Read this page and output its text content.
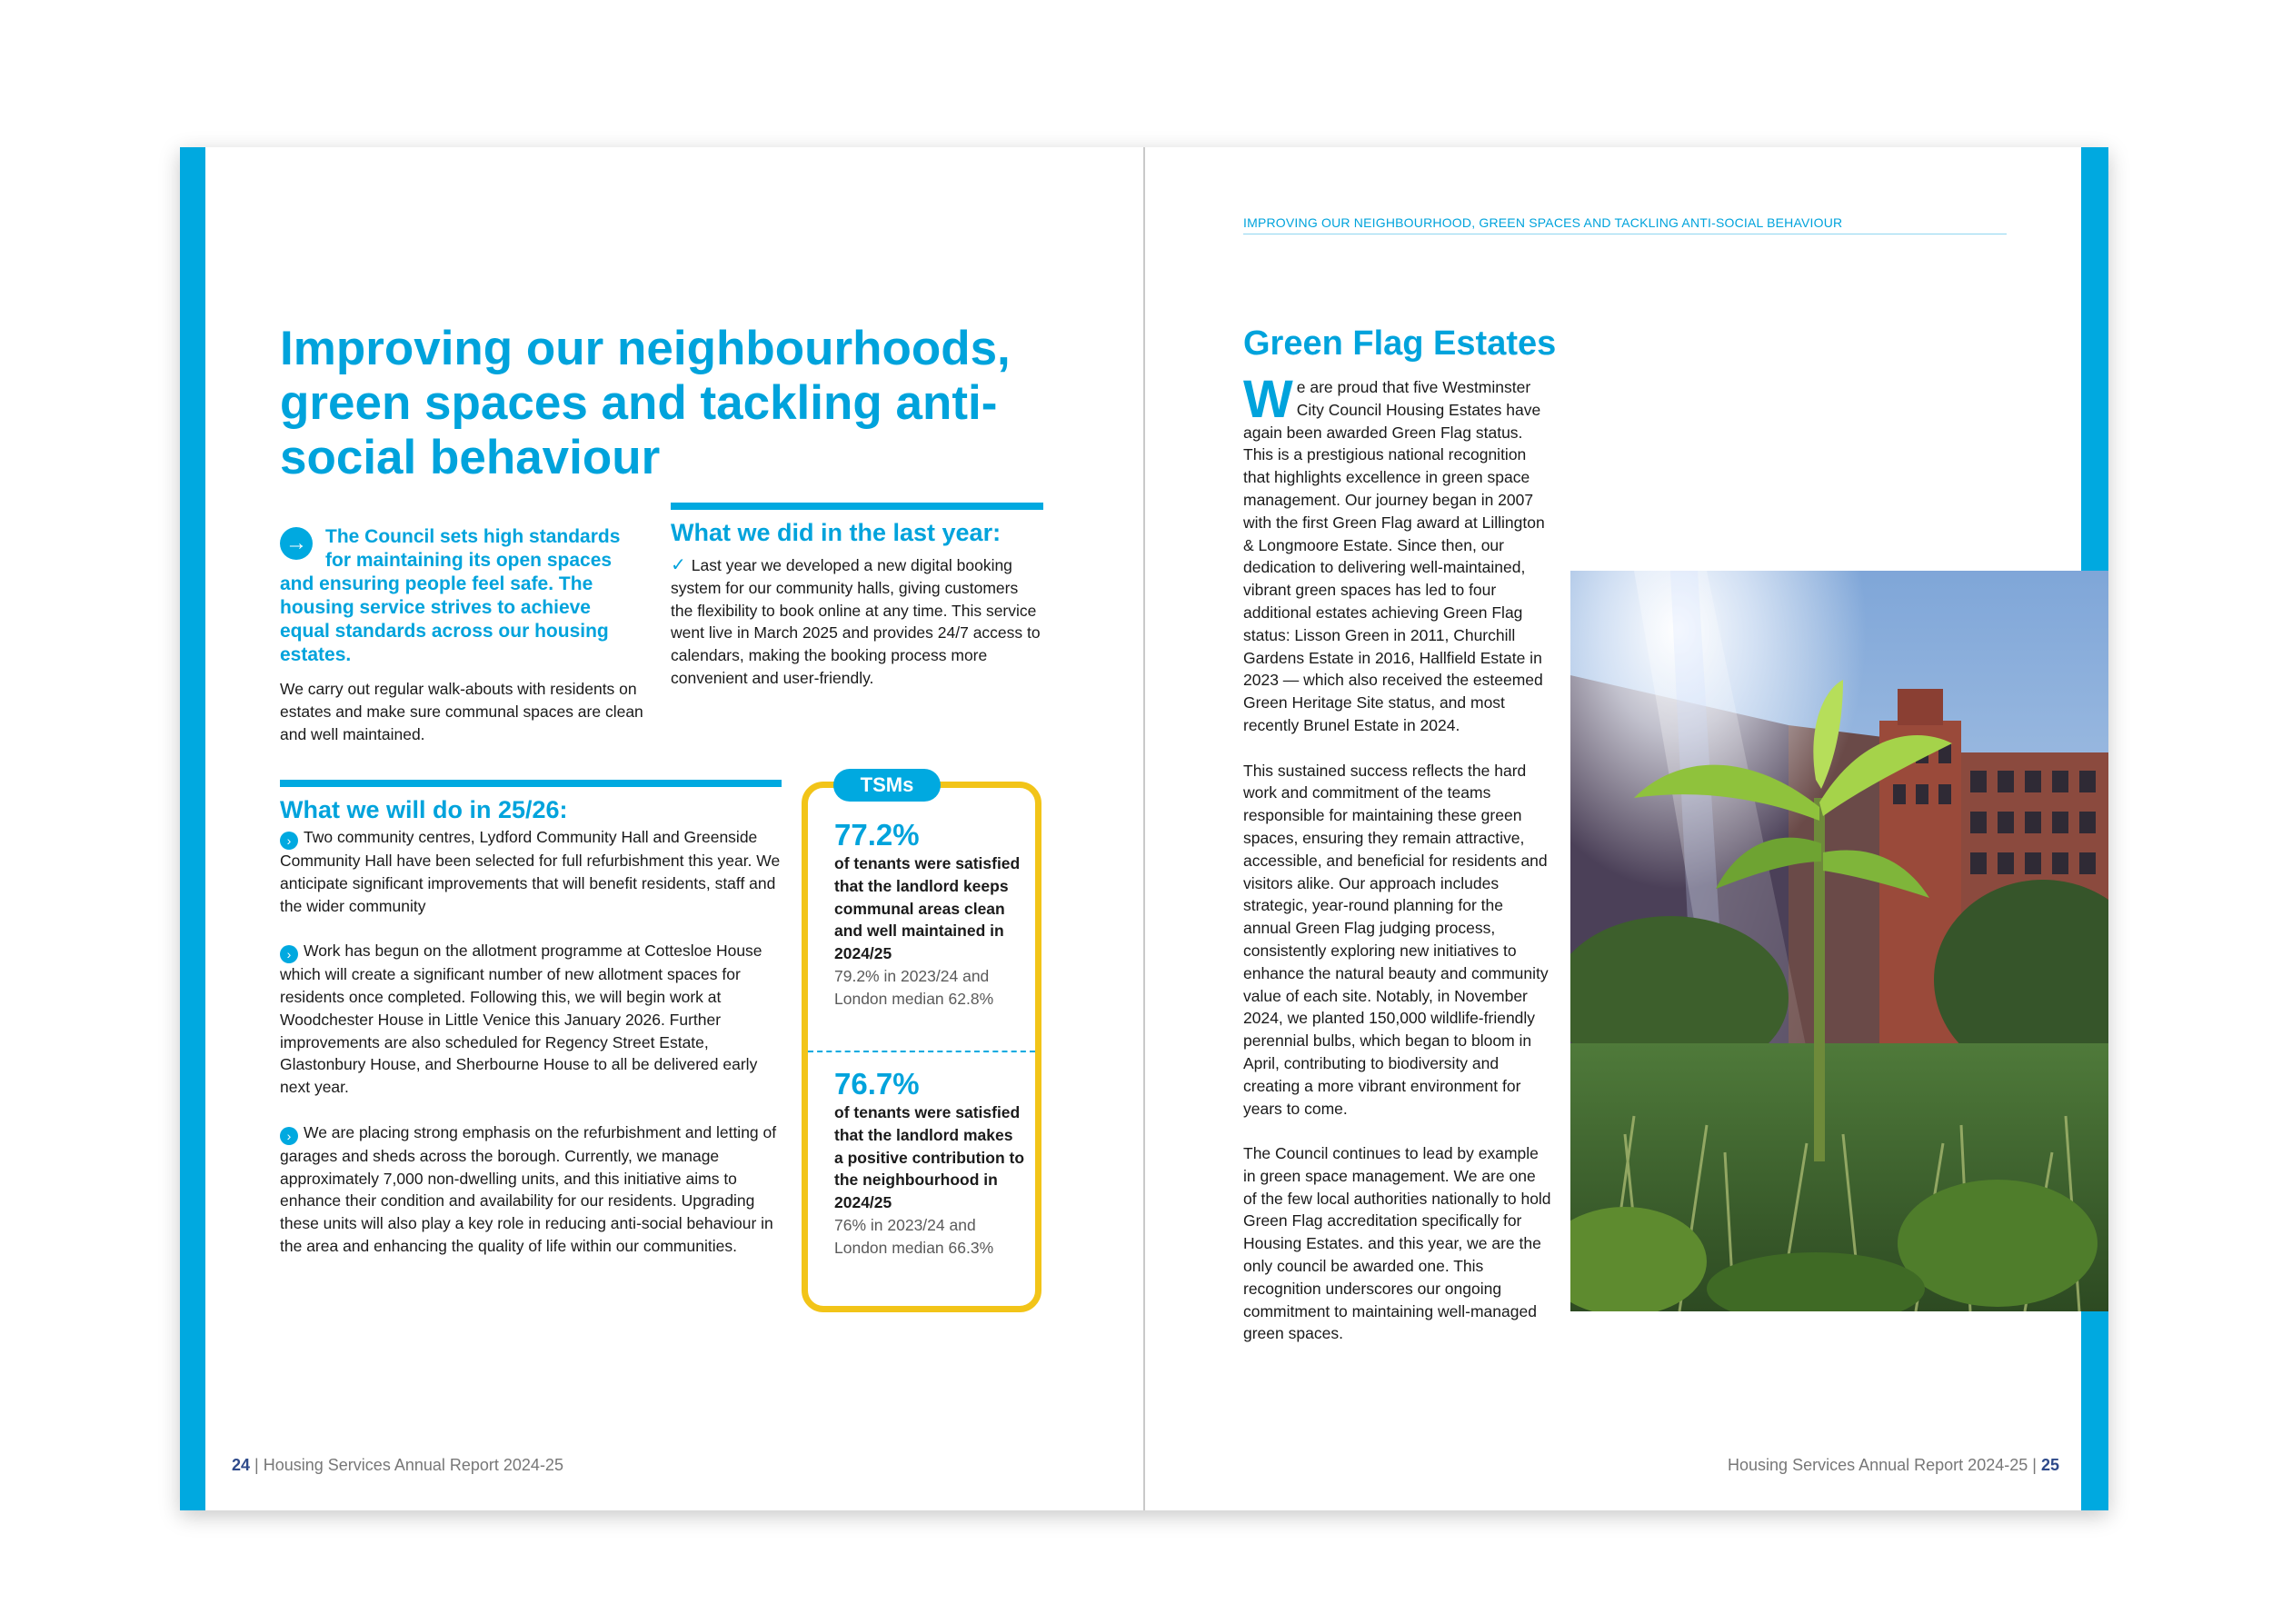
Improving our neighbourhoods, green spaces and tackling anti-social behaviour
→ The Council sets high standards for maintaining its open spaces and ensuring people feel safe. The housing service strives to achieve equal standards across our housing estates.
We carry out regular walk-abouts with residents on estates and make sure communal spaces are clean and well maintained.
What we did in the last year:
✓ Last year we developed a new digital booking system for our community halls, giving customers the flexibility to book online at any time. This service went live in March 2025 and provides 24/7 access to calendars, making the booking process more convenient and user-friendly.
What we will do in 25/26:

› Two community centres, Lydford Community Hall and Greenside Community Hall have been selected for full refurbishment this year. We anticipate significant improvements that will benefit residents, staff and the wider community

› Work has begun on the allotment programme at Cottesloe House which will create a significant number of new allotment spaces for residents once completed. Following this, we will begin work at Woodchester House in Little Venice this January 2026. Further improvements are also scheduled for Regency Street Estate, Glastonbury House, and Sherbourne House to all be delivered early next year.

› We are placing strong emphasis on the refurbishment and letting of garages and sheds across the borough. Currently, we manage approximately 7,000 non-dwelling units, and this initiative aims to enhance their condition and availability for our residents. Upgrading these units will also play a key role in reducing anti-social behaviour in the area and enhancing the quality of life within our communities.

TSMs
77.2%
of tenants were satisfied that the landlord keeps communal areas clean and well maintained in 2024/25
79.2% in 2023/24 and London median 62.8%
76.7%
of tenants were satisfied that the landlord makes a positive contribution to the neighbourhood in 2024/25
76% in 2023/24 and London median 66.3%
24 | Housing Services Annual Report 2024-25
IMPROVING OUR NEIGHBOURHOOD, GREEN SPACES AND TACKLING ANTI-SOCIAL BEHAVIOUR
Green Flag Estates

We are proud that five Westminster City Council Housing Estates have again been awarded Green Flag status. This is a prestigious national recognition that highlights excellence in green space management. Our journey began in 2007 with the first Green Flag award at Lillington & Longmoore Estate. Since then, our dedication to delivering well-maintained, vibrant green spaces has led to four additional estates achieving Green Flag status: Lisson Green in 2011, Churchill Gardens Estate in 2016, Hallfield Estate in 2023 — which also received the esteemed Green Heritage Site status, and most recently Brunel Estate in 2024.

This sustained success reflects the hard work and commitment of the teams responsible for maintaining these green spaces, ensuring they remain attractive, accessible, and beneficial for residents and visitors alike. Our approach includes strategic, year-round planning for the annual Green Flag judging process, consistently exploring new initiatives to enhance the natural beauty and community value of each site. Notably, in November 2024, we planted 150,000 wildlife-friendly perennial bulbs, which began to bloom in April, contributing to biodiversity and creating a more vibrant environment for years to come.

The Council continues to lead by example in green space management. We are one of the few local authorities nationally to hold Green Flag accreditation specifically for Housing Estates. and this year, we are the only council be awarded one. This recognition underscores our ongoing commitment to maintaining well-managed green spaces.

Housing Services Annual Report 2024-25 | 25
